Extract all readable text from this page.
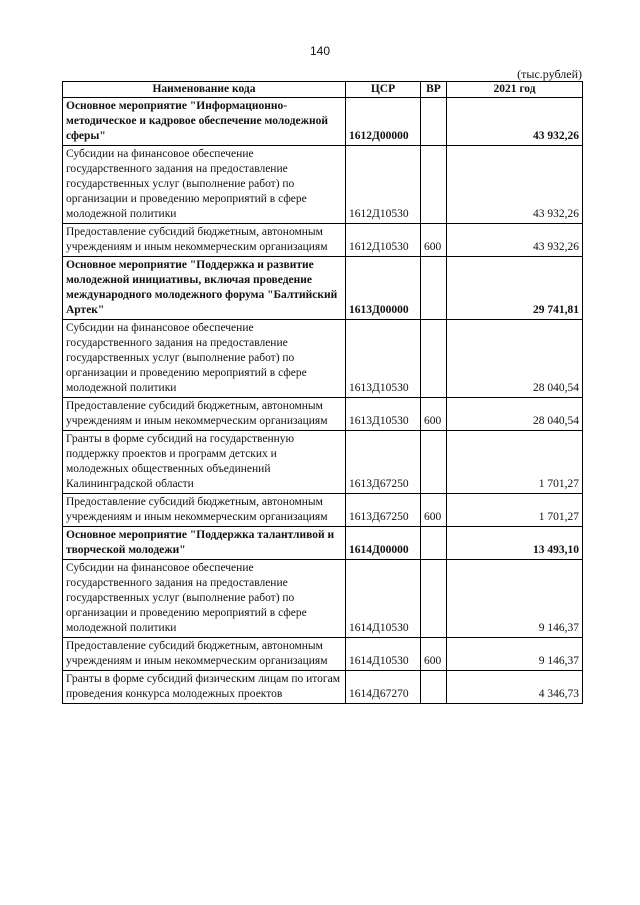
140
(тыс.рублей)
Наименование кода	ЦСР	ВР	2021 год
Основное мероприятие "Информационно-методическое и кадровое обеспечение молодежной сферы"	1612Д00000		43 932,26
Субсидии на финансовое обеспечение государственного задания на предоставление государственных услуг (выполнение работ) по организации и проведению мероприятий в сфере молодежной политики	1612Д10530		43 932,26
Предоставление субсидий бюджетным, автономным учреждениям и иным некоммерческим организациям	1612Д10530	600	43 932,26
Основное мероприятие "Поддержка и развитие молодежной инициативы, включая проведение международного молодежного форума "Балтийский Артек"	1613Д00000		29 741,81
Субсидии на финансовое обеспечение государственного задания на предоставление государственных услуг (выполнение работ) по организации и проведению мероприятий в сфере молодежной политики	1613Д10530		28 040,54
Предоставление субсидий бюджетным, автономным учреждениям и иным некоммерческим организациям	1613Д10530	600	28 040,54
Гранты в форме субсидий на государственную поддержку проектов и программ детских и молодежных общественных объединений Калининградской области	1613Д67250		1 701,27
Предоставление субсидий бюджетным, автономным учреждениям и иным некоммерческим организациям	1613Д67250	600	1 701,27
Основное мероприятие "Поддержка талантливой и творческой молодежи"	1614Д00000		13 493,10
Субсидии на финансовое обеспечение государственного задания на предоставление государственных услуг (выполнение работ) по организации и проведению мероприятий в сфере молодежной политики	1614Д10530		9 146,37
Предоставление субсидий бюджетным, автономным учреждениям и иным некоммерческим организациям	1614Д10530	600	9 146,37
Гранты в форме субсидий физическим лицам по итогам проведения конкурса молодежных проектов	1614Д67270		4 346,73
